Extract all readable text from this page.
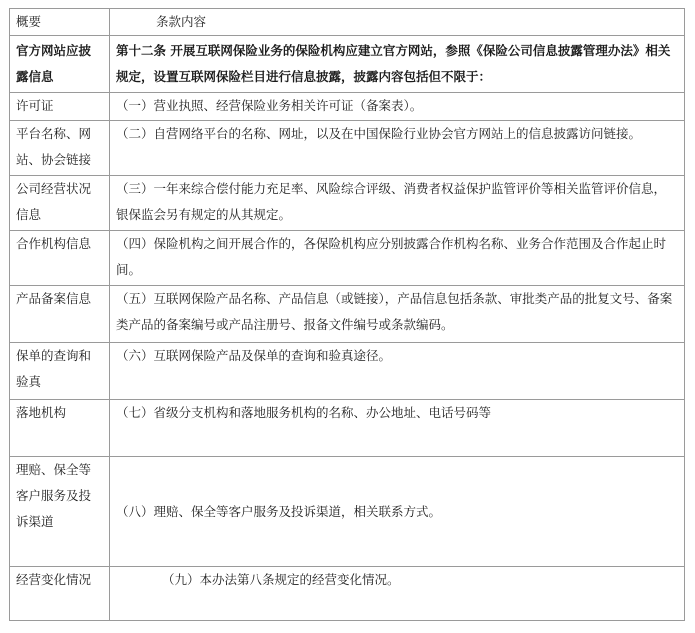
概要	条款内容
官方网站应披露信息	第十二条 开展互联网保险业务的保险机构应建立官方网站，参照《保险公司信息披露管理办法》相关规定，设置互联网保险栏目进行信息披露，披露内容包括但不限于：
许可证	（一）营业执照、经营保险业务相关许可证（备案表）。
平台名称、网站、协会链接	（二）自营网络平台的名称、网址，以及在中国保险行业协会官方网站上的信息披露访问链接。
公司经营状况信息	（三）一年来综合偿付能力充足率、风险综合评级、消费者权益保护监管评价等相关监管评价信息，银保监会另有规定的从其规定。
合作机构信息	（四）保险机构之间开展合作的，各保险机构应分别披露合作机构名称、业务合作范围及合作起止时间。
产品备案信息	（五）互联网保险产品名称、产品信息（或链接），产品信息包括条款、审批类产品的批复文号、备案类产品的备案编号或产品注册号、报备文件编号或条款编码。
保单的查询和验真	（六）互联网保险产品及保单的查询和验真途径。
落地机构	（七）省级分支机构和落地服务机构的名称、办公地址、电话号码等
理赔、保全等客户服务及投诉渠道	（八）理赔、保全等客户服务及投诉渠道，相关联系方式。
经营变化情况	（九）本办法第八条规定的经营变化情况。
